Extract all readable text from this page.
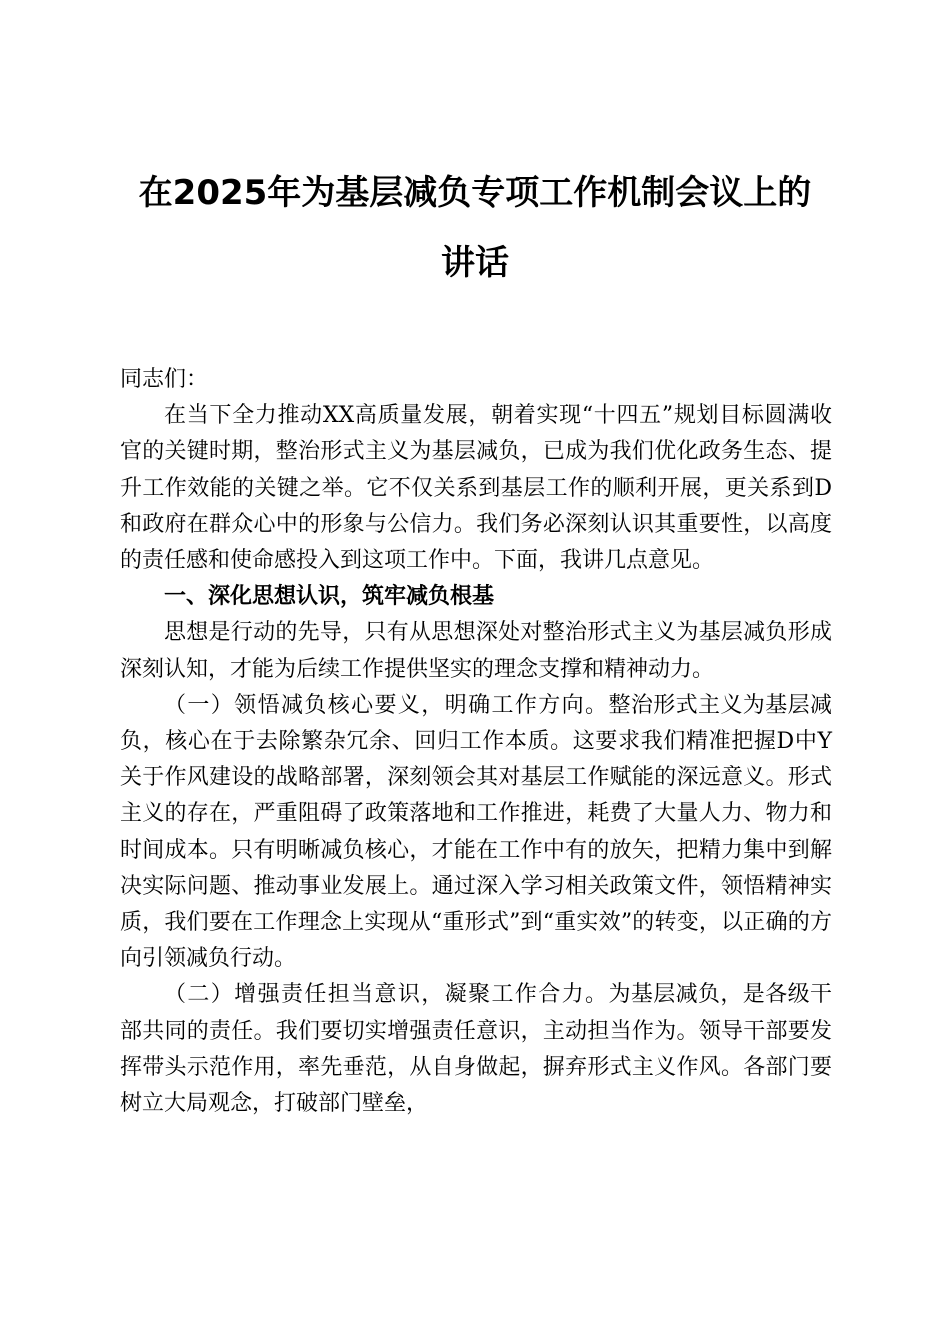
在2025年为基层减负专项工作机制会议上的
讲话

同志们：

在当下全力推动XX高质量发展，朝着实现“十四五”规划目标圆满收官的关键时期，整治形式主义为基层减负，已成为我们优化政务生态、提升工作效能的关键之举。它不仅关系到基层工作的顺利开展，更关系到D和政府在群众心中的形象与公信力。我们务必深刻认识其重要性，以高度的责任感和使命感投入到这项工作中。下面，我讲几点意见。

一、深化思想认识，筑牢减负根基

思想是行动的先导，只有从思想深处对整治形式主义为基层减负形成深刻认知，才能为后续工作提供坚实的理念支撑和精神动力。

（一）领悟减负核心要义，明确工作方向。整治形式主义为基层减负，核心在于去除繁杂冗余、回归工作本质。这要求我们精准把握D中Y关于作风建设的战略部署，深刻领会其对基层工作赋能的深远意义。形式主义的存在，严重阻碍了政策落地和工作推进，耗费了大量人力、物力和时间成本。只有明晰减负核心，才能在工作中有的放矢，把精力集中到解决实际问题、推动事业发展上。通过深入学习相关政策文件，领悟精神实质，我们要在工作理念上实现从“重形式”到“重实效”的转变，以正确的方向引领减负行动。

（二）增强责任担当意识，凝聚工作合力。为基层减负，是各级干部共同的责任。我们要切实增强责任意识，主动担当作为。领导干部要发挥带头示范作用，率先垂范，从自身做起，摒弃形式主义作风。各部门要树立大局观念，打破部门壁垒，
